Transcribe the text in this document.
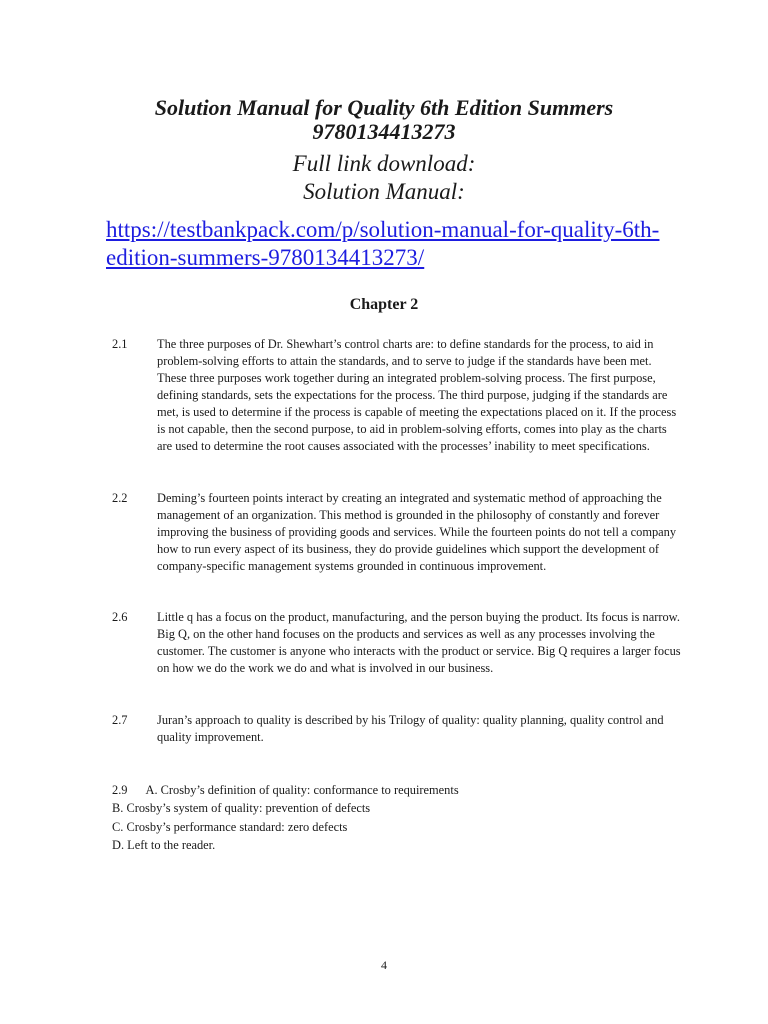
Solution Manual for Quality 6th Edition Summers

9780134413273

Full link download:

Solution Manual:

https://testbankpack.com/p/solution-manual-for-quality-6th-
edition-summers-9780134413273/
Chapter 2
2.1	The three purposes of Dr. Shewhart’s control charts are: to define standards for the process, to aid in problem-solving efforts to attain the standards, and to serve to judge if the standards have been met. These three purposes work together during an integrated problem-solving process. The first purpose, defining standards, sets the expectations for the process. The third purpose, judging if the standards are met, is used to determine if the process is capable of meeting the expectations placed on it. If the process is not capable, then the second purpose, to aid in problem-solving efforts, comes into play as the charts are used to determine the root causes associated with the processes’ inability to meet specifications.
2.2	Deming’s fourteen points interact by creating an integrated and systematic method of approaching the management of an organization. This method is grounded in the philosophy of constantly and forever improving the business of providing goods and services. While the fourteen points do not tell a company how to run every aspect of its business, they do provide guidelines which support the development of company-specific management systems grounded in continuous improvement.
2.6	Little q has a focus on the product, manufacturing, and the person buying the product. Its focus is narrow. Big Q, on the other hand focuses on the products and services as well as any processes involving the customer. The customer is anyone who interacts with the product or service. Big Q requires a larger focus on how we do the work we do and what is involved in our business.
2.7	Juran’s approach to quality is described by his Trilogy of quality: quality planning, quality control and quality improvement.
2.9 A. Crosby’s definition of quality: conformance to requirements
B. Crosby’s system of quality: prevention of defects
C. Crosby’s performance standard: zero defects
D. Left to the reader.
4
